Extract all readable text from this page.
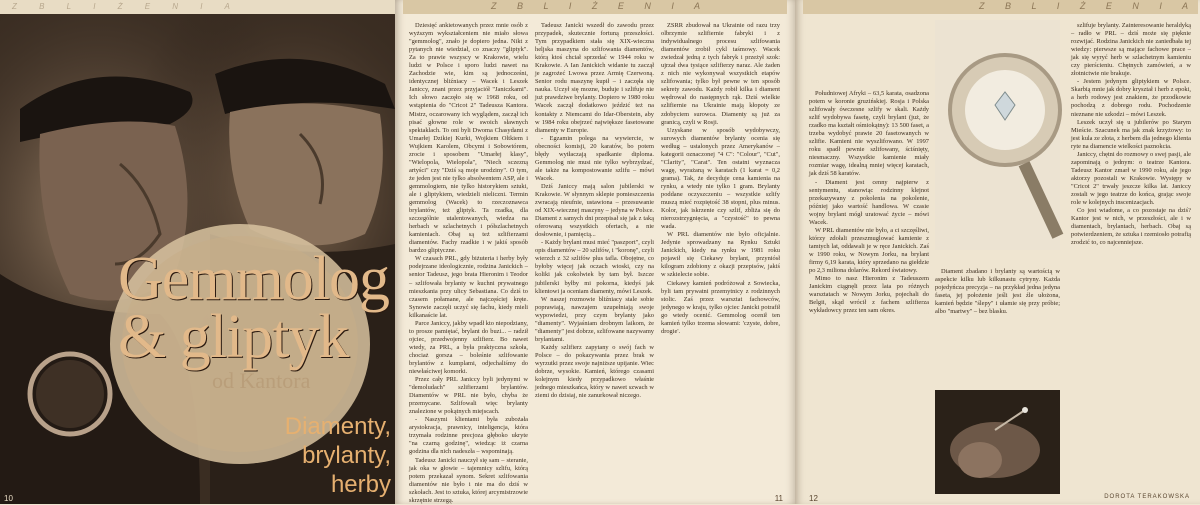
Z B L I Ż E N I A
Gemmolog
& gliptyk
od Kantora
Diamenty,
brylanty,
herby
10
Z B L I Ż E N I A

Dziesięć ankietowanych przez mnie osób z wyższym wykształceniem nie miało słowa "gemmolog", znało je dopiero jedna. Nikt z pytanych nie wiedział, co znaczy "gliptyk". Za to prawie wszyscy w Krakowie, wielu ludzi w Polsce i sporo ludzi nawet na Zachodzie wie, kim są jednocześni, identycznej bliźniacy – Wacek i Leszek Janiccy, znani przez przyjaciół "Janiczkami". Ich słowo zaczęło się w 1968 roku, od wstąpienia do "Cricot 2" Tadeusza Kantora. Mistrz, oczarowany ich wyglądem, zaczął ich pisać głowne role w swoich sławnych spektaklach. To oni byli Dwoma Chasydami z Umarłej Dzikiej Kurki, Wojkiem Oltkiem i Wujkiem Karolem, Obcymi i Sobowtórem, zrocie i sposobem "Umarłej klasy", "Wielopola, Wielopola", "Niech sczezną artyści" czy "Dziś są moje urodziny". O tym, że jeden jest nie tylko absolwentem ASP, ale i gemmologiem, nie tylko historykiem sztuki, ale i gliptykiem, wiedzieli nieliczni. Termin gemmolog (Wacek) to rzeczoznawca brylantów, też gliptyk. Ta rzadka, dla szczególnie utalentowanych, wiedza na herbach w szlachetnych i półszlachetnych kamieniach. Obaj są też szlifierzami diamentów. Fachy rzadkie i w jakiś sposób bardzo gliptyczne.

W czasach PRL, gdy biżuteria i herby były podejrzane ideologicznie, rodzina Janickich – senior Tadeusz, jego brata Hieronim i Teodor – szlifowała brylanty w kuchni prywatnego mieszkania przy ulicy Sebastiana. Co dziś to czasem połamane, ale najczęściej kręte. Synowie zaczęli uczyć się fachu, kiedy mieli kilkanaście lat.

Parce Janiccy, jakby wpadł kto niepodziany, to prosze pamiętać, brylant do buzi... – radził ojciec, przedwojenny szlifierz. Bo nawet wtedy, za PRL, a była praktyczna szkoła, chociaż gorsza – boleśnie szlifowanie brylantów z kumplami, odjechaliśmy do niewłaściwej komorki.

Przez cały PRL Janiccy byli jedynymi w "demoludach" szlifierzami brylantów. Diamentów w PRL nie było, chyba że przemycane. Szlifowali więc brylanty znalezione w pokątnych miejscach.

- Naszymi klientami była zubożała arystokracja, prawnicy, inteligencja, która trzymała rodzinne precjoza głęboko ukryte "na czarną godzinę", wiedząc iż czarna godzina dla nich nadeszła – wspominają.

Tadeusz Janicki nauczył się sam – steranie, jak oka w głowie – tajemnicy szlifu, którą potem przekazał synom. Sekret szlifowania diamentów nie było i nie ma do dziś w szkołach. Jest to sztuka, której arcymistrzowie skrzętnie strzegą.

Tadeusz Janicki wszedł do zawodu przez przypadek, skutecznie fortuną przeszłości. Tym przypadkiem stała się XIX-wieczna heljska maszyna do szlifowania diamentów, którą ktoś chciał sprzedać w 1944 roku w Krakowie. A Ian Janickich widanie tu zaczął je zagrożeć Lwowa przez Armię Czerwoną. Senior rodu maszynę kupił – i zaczęła się nauka. Uczył się mozne, buduje i szlifuje nie już prawdziwe brylanty. Dopiero w 1980 roku Wacek zaczął dodatkowo jeździć też na kontakty z Niemcami do Idar-Oberstein, aby w 1984 roku obejrzeć największe fasetowane diamenty w Europie.

- Egzamin polega na wywiercie, w obecności komisji, 20 karatów, bo potem błędy wytłaczają spadkanie diploma. Gemmolog nie musi nie tylko wybrzydzać, ale także na kompostowanie szlifu – mówi Wacek.

Dziś Janiccy mają salon jubilerski w Krakowie. W słynnym sklepie pomieszczenia zwracają nieufnie, ustawiona – przesuwanie od XIX-wiecznej maszyny – jedyna w Polsce. Diament z samych dni przepisał się jak z taką oferowaną wszystkich ofertach, a nie dosłownie, i pamięcią...

- Każdy brylant musi mieć "paszport", czyli opis diamentów – 20 szlifów, i "koronę", czyli wierzch z 32 szlifów plus tafla. Obojętne, co byłoby więcej jak oczach wioski, czy na koliki jak cokolwiek by tam był. Iszcze jubilerski byłby mi pokorna, kiedyś jak klientowi ja oceniam diamenty, mówi Leszek.

W naszej rozmowie bliźniacy stale sobie poprawiają, nawzajem uzupełniają swoje wypowiedzi, przy czym brylanty jako "diamenty". Wyjaśniam drobnym laikom, że "diamenty" jest dobrze, szlifowane nazywamy brylantami.

Każdy szlifierz zapytany o swój fach w Polsce – do pokazywania przez brak w wyrzutki przez swoje najniższe upijanie. Wiec dobrze, wysokie. Kamień, którego czasami kolejnym kiedy przypadkowo właśnie jednego mieszkańca, który w nawet szwach w ziemi do dzisiaj, nie zanurkował niczego.

ZSRR zbudował na Ukrainie od razu trzy olbrzymie szlifiernie fabryki i z indywidualnego procesu szlifowania diamentów zrobił cykl taśmowy. Wacek zwiedzał jedną z tych fabryk i przeżył szok: ujrzał dwa tysiące szlifierzy naraz. Ale żaden z nich nie wykonywał wszystkich etapów szlifowania; tylko był pewne w ten sposób sekrety zawodu. Każdy robił kilka i diament wędrował do następnych rąk. Dziś wielkie szlifiernie na Ukrainie mają kłopoty ze zdobyciem surowca. Diamenty są już za granicą, czyli w Rosji.

Uzyskane w sposób wydobywczy, surowych diamentów brylanty ocenia się według – ustalonych przez Amerykanów – kategorii oznaczonej "4 C": "Colour", "Cut", "Clarity", "Carat". Ten ostatni wyznacza wagę, wyrażaną w karatach (1 karat = 0,2 grama). Tak, że decyduje cena kamienia na rynku, a wtedy nie tylko 1 gram. Brylanty poddane oczyszczeniu – wszystkie szlify muszą mieć rozpiętość 38 stopni, plus minus. Kolor, jak iskrzenie czy szlif, zbliża się do nierozstrzygnięcia, a "czystość" to pewna wada.

W PRL diamentów nie było oficjalnie. Jedynie sprowadzany na Rynku Sztuki Janickich, kiedy na rynku w 1981 roku pojawił się Ciekawy brylant, przyniósł kilogram zdobiony z okazji przepisów, jakiś w szkielecie sobie.

Ciekawy kamień podróżował z Sowiecka, byli tam prywatni przemytnicy z rodzinnych stolic. Zaś przez warsztat fachowców, jedynego w kraju, tylko ojciec Janicki potrafił go wtedy ocenić. Gemmolog ocenił ten kamień tylko trzema słowami: 'czyste, dobre, drogie'.

11
Z B L I Ż E N I A

Południowej Afryki – 63,5 karata, osadzona potem w koronie gruzińskiej. Rosja i Polska szlifowały ówczesne szlify w skali. Każdy szlif wydobywa fasetę, czyli brylant (już, że rzadko ma kształt ośmiokątny): 13 500 faset, a trzeba wydobyć prawie 20 fasetowanych w szlifie. Kamieni nie wyszlifowano. W 1997 roku spadł pewnie szlifowany, ściśnięty, niesmaczny. Wszystkie kamienie miały rozmiar wagę, idealną mniej więcej karatach, jak dziś 58 karatów.

- Diament jest cenny najpierw z sentymentu, stanowiąc rodzinny klejnot przekazywany z pokolenia na pokolenie, później jako wartość handlowa. W czasie wojny brylant mógł uratować życie – mówi Wacek.

W PRL diamentów nie było, a ci szczęśliwi, którzy zdołali przeszmuglować kamienie z tamtych lat, oddawali je w ręce Janickich. Zaś w 1990 roku, w Nowym Jorku, na brylant firmy 6,19 karata, który sprzedano na giełdzie po 2,3 miliona dolarów. Rekord światowy.

Mimo to nasz Hieronim z Tadeuszem Janickim ciągnęli przez lata po różnych warsztatach w Nowym Jorku, pojechali do Belgii, skąd wrócił z fachem szlifierza wykładowcy przez ten sam okres.

Diament zbadano i brylanty są wartością w aspekcie kilku lub kilkunastu cytryny. Każda pojedyńcza precyzja – na przykład jedna jedyna faseta, jej położenie jeśli jest źle ułożona, kamień będzie "ślepy" i ułamie się przy próbie; albo "martwy" – bez blasku.

szlifuje brylanty. Zainteresowanie heraldyką – radło w PRL – dziś może się pięknie rozwijać. Rodzina Janickich nie zaniedbała tej wiedzy: pierwsze są mające fachowe prace – jak się wyryć herb w szlachetnym kamieniu czy pierścieniu. Chętnych zamówień, a w złotnictwie nie brakuje.

- Jestem jedynym gliptykiem w Polsce. Skarbią mnie jak dobry kryształ i herb z epoki, a herb rodowy jest znakiem, że przodkowie pochodzą z dobrego rodu. Pochodzenie nieznane nie szkodzi – mówi Leszek.

Leszek uczył się u jubilerów po Starym Mieście. Szacunek ma jak znak krzyżowy: to jest kula ze złota, z herbem dla jednego klienta ryte na diamencie wielkości paznokcia.

Janiccy, chętni do rozmowy o swej pasji, ale zapominają o jednym: o teatrze Kantora. Tadeusz Kantor zmarł w 1990 roku, ale jego aktorzy pozostali w Krakowie. Występy w "Cricot 2" trwały jeszcze kilka lat. Janiccy zostali w jego teatrze do końca, grając swoje role w kolejnych inscenizacjach.

Co jest wiadome, a co pozostaje na dziś? Kantor jest w nich, w przeszłości, ale i w diamentach, brylantach, herbach. Obaj są potwierdzeniem, że sztuka i rzemiosło potrafią zrodzić to, co najcenniejsze.

12	DOROTA TERAKOWSKA
